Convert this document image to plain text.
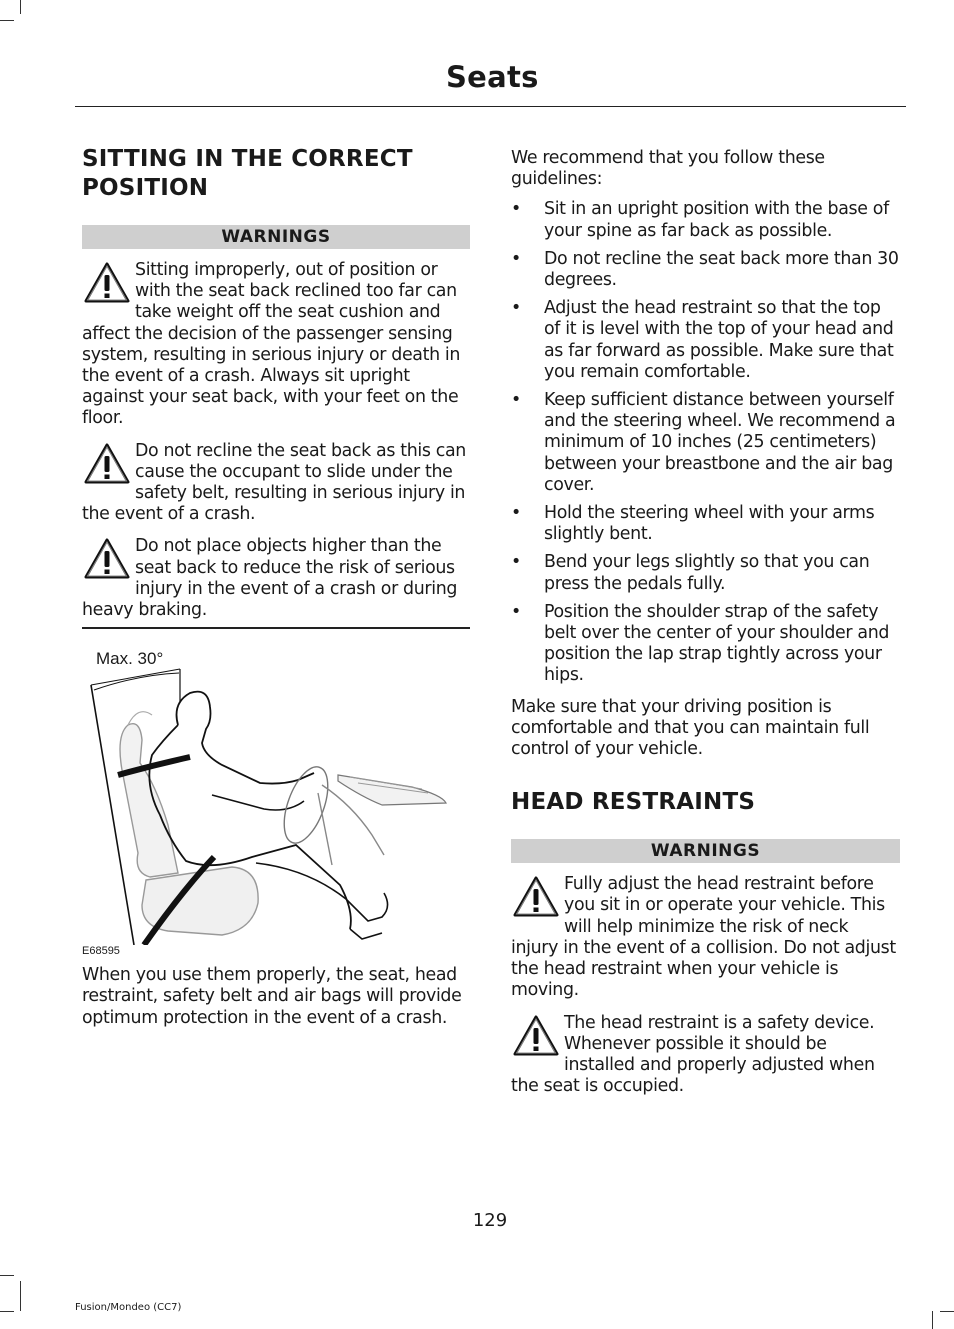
Seats
SITTING IN THE CORRECT POSITION
WARNINGS
Sitting improperly, out of position or with the seat back reclined too far can take weight off the seat cushion and affect the decision of the passenger sensing system, resulting in serious injury or death in the event of a crash. Always sit upright against your seat back, with your feet on the floor.
Do not recline the seat back as this can cause the occupant to slide under the safety belt, resulting in serious injury in the event of a crash.
Do not place objects higher than the seat back to reduce the risk of serious injury in the event of a crash or during heavy braking.
Max. 30°
E68595

When you use them properly, the seat, head restraint, safety belt and air bags will provide optimum protection in the event of a crash.

We recommend that you follow these guidelines:

• Sit in an upright position with the base of your spine as far back as possible.
• Do not recline the seat back more than 30 degrees.
• Adjust the head restraint so that the top of it is level with the top of your head and as far forward as possible. Make sure that you remain comfortable.
• Keep sufficient distance between yourself and the steering wheel. We recommend a minimum of 10 inches (25 centimeters) between your breastbone and the air bag cover.
• Hold the steering wheel with your arms slightly bent.
• Bend your legs slightly so that you can press the pedals fully.
• Position the shoulder strap of the safety belt over the center of your shoulder and position the lap strap tightly across your hips.

Make sure that your driving position is comfortable and that you can maintain full control of your vehicle.

HEAD RESTRAINTS
WARNINGS
Fully adjust the head restraint before you sit in or operate your vehicle. This will help minimize the risk of neck injury in the event of a collision. Do not adjust the head restraint when your vehicle is moving.
The head restraint is a safety device. Whenever possible it should be installed and properly adjusted when the seat is occupied.
129
Fusion/Mondeo (CC7)
